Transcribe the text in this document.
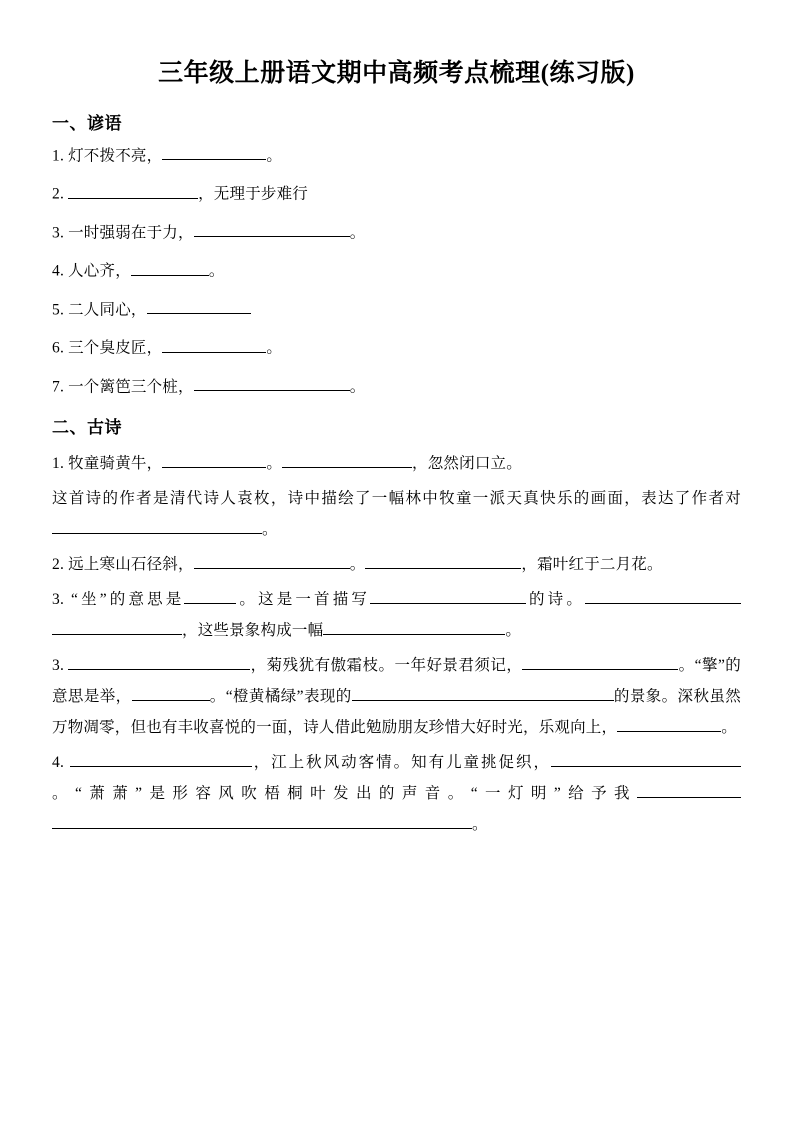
三年级上册语文期中高频考点梳理(练习版)
一、谚语

1. 灯不拨不亮，	。

2.	，无理于步难行

3. 一时强弱在于力，	。

4. 人心齐，	。

5. 二人同心，

6. 三个臭皮匠，	。

7. 一个篱笆三个桩，	。

二、古诗

1. 牧童骑黄牛，	。	，忽然闭口立。

这首诗的作者是清代诗人袁枚，诗中描绘了一幅林中牧童一派天真快乐的画面，表达了作者对。

2. 远上寒山石径斜，	。	，霜叶红于二月花。

3. “坐”的意思是	。这是一首描写	的诗。，这些景象构成一幅	。

3.	，菊残犹有傲霜枝。一年好景君须记，	。“擎”的意思是举，	。“橙黄橘绿”表现的	的景象。深秋虽然万物凋零，但也有丰收喜悦的一面，诗人借此勉励朋友珍惜大好时光，乐观向上，	。

4.	，江上秋风动客情。知有儿童挑促织，。“萧萧”是形容风吹梧桐叶发出的声音。“一灯明”给予我。
